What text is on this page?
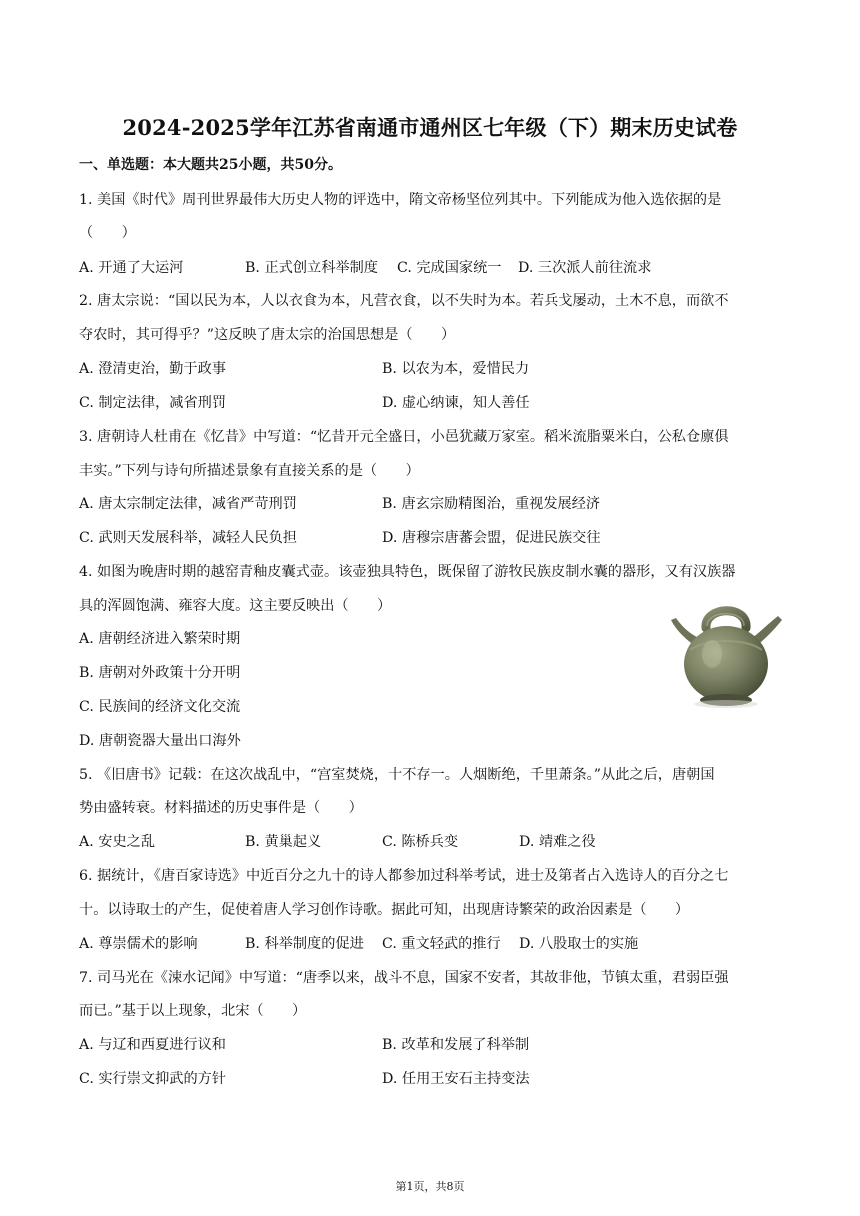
2024-2025学年江苏省南通市通州区七年级（下）期末历史试卷
一、单选题：本大题共25小题，共50分。
1. 美国《时代》周刊世界最伟大历史人物的评选中，隋文帝杨坚位列其中。下列能成为他入选依据的是
（　　）
A. 开通了大运河	B. 正式创立科举制度 C. 完成国家统一 D. 三次派人前往流求
2. 唐太宗说：“国以民为本，人以衣食为本，凡营衣食，以不失时为本。若兵戈屡动，土木不息，而欲不
夺农时，其可得乎？”这反映了唐太宗的治国思想是（　　）
A. 澄清吏治，勤于政事	B. 以农为本，爱惜民力
C. 制定法律，减省刑罚	D. 虚心纳谏，知人善任
3. 唐朝诗人杜甫在《忆昔》中写道：“忆昔开元全盛日，小邑犹藏万家室。稻米流脂粟米白，公私仓廪俱
丰实。”下列与诗句所描述景象有直接关系的是（　　）
A. 唐太宗制定法律，减省严苛刑罚	B. 唐玄宗励精图治，重视发展经济
C. 武则天发展科举，减轻人民负担	D. 唐穆宗唐蕃会盟，促进民族交往
4. 如图为晚唐时期的越窑青釉皮囊式壶。该壶独具特色，既保留了游牧民族皮制水囊的器形，又有汉族器
具的浑圆饱满、雍容大度。这主要反映出（　　）
A. 唐朝经济进入繁荣时期
B. 唐朝对外政策十分开明
C. 民族间的经济文化交流
D. 唐朝瓷器大量出口海外
5. 《旧唐书》记载：在这次战乱中，“宫室焚烧，十不存一。人烟断绝，千里萧条。”从此之后，唐朝国
势由盛转衰。材料描述的历史事件是（　　）
A. 安史之乱	B. 黄巢起义	C. 陈桥兵变	D. 靖难之役
6. 据统计，《唐百家诗选》中近百分之九十的诗人都参加过科举考试，进士及第者占入选诗人的百分之七
十。以诗取士的产生，促使着唐人学习创作诗歌。据此可知，出现唐诗繁荣的政治因素是（　　）
A. 尊崇儒术的影响	B. 科举制度的促进 C. 重文轻武的推行 D. 八股取士的实施
7. 司马光在《涑水记闻》中写道：“唐季以来，战斗不息，国家不安者，其故非他，节镇太重，君弱臣强
而已。”基于以上现象，北宋（　　）
A. 与辽和西夏进行议和	B. 改革和发展了科举制
C. 实行崇文抑武的方针	D. 任用王安石主持变法
第1页，共8页
